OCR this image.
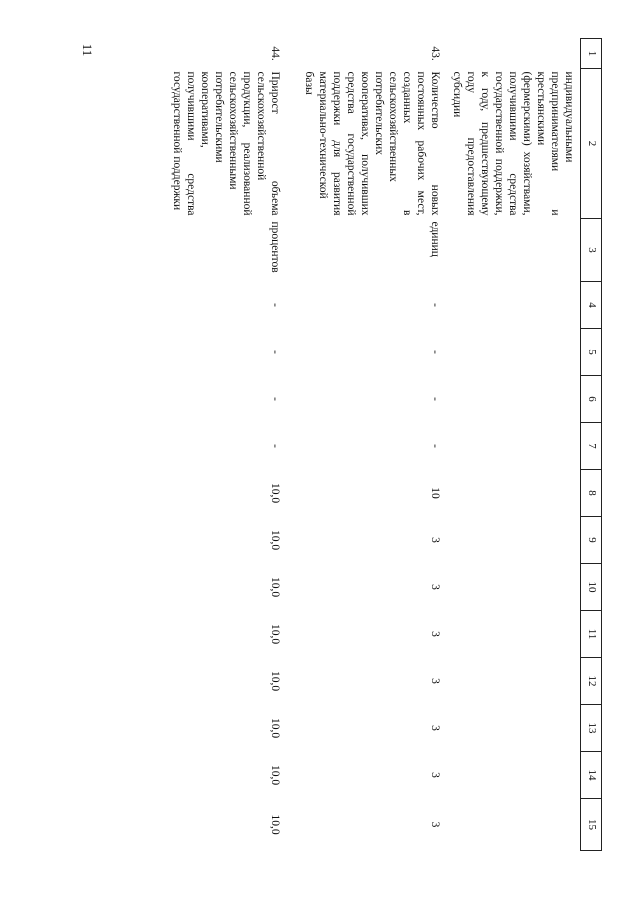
11	1	2	3	4	5	6	7	8	9	10	11	12	13	14	15
	индивидуальными предпринимателями и крестьянскими (фермерскими) хозяйствами, получившими средства государственной поддержки, к году, предшествующему году предоставления субсидии													
43.	Количество новых постоянных рабочих мест, созданных в сельскохозяйственных потребительских кооперативах, получивших средства государственной поддержки для развития материально-технической базы	единиц	-	-	-	-	10	3	3	3	3	3	3	3
44.	Прирост объема сельскохозяйственной продукции, реализованной сельскохозяйственными потребительскими кооперативами, получившими средства государственной поддержки	процентов	-	-	-	-	10,0	10,0	10,0	10,0	10,0	10,0	10,0	10,0
